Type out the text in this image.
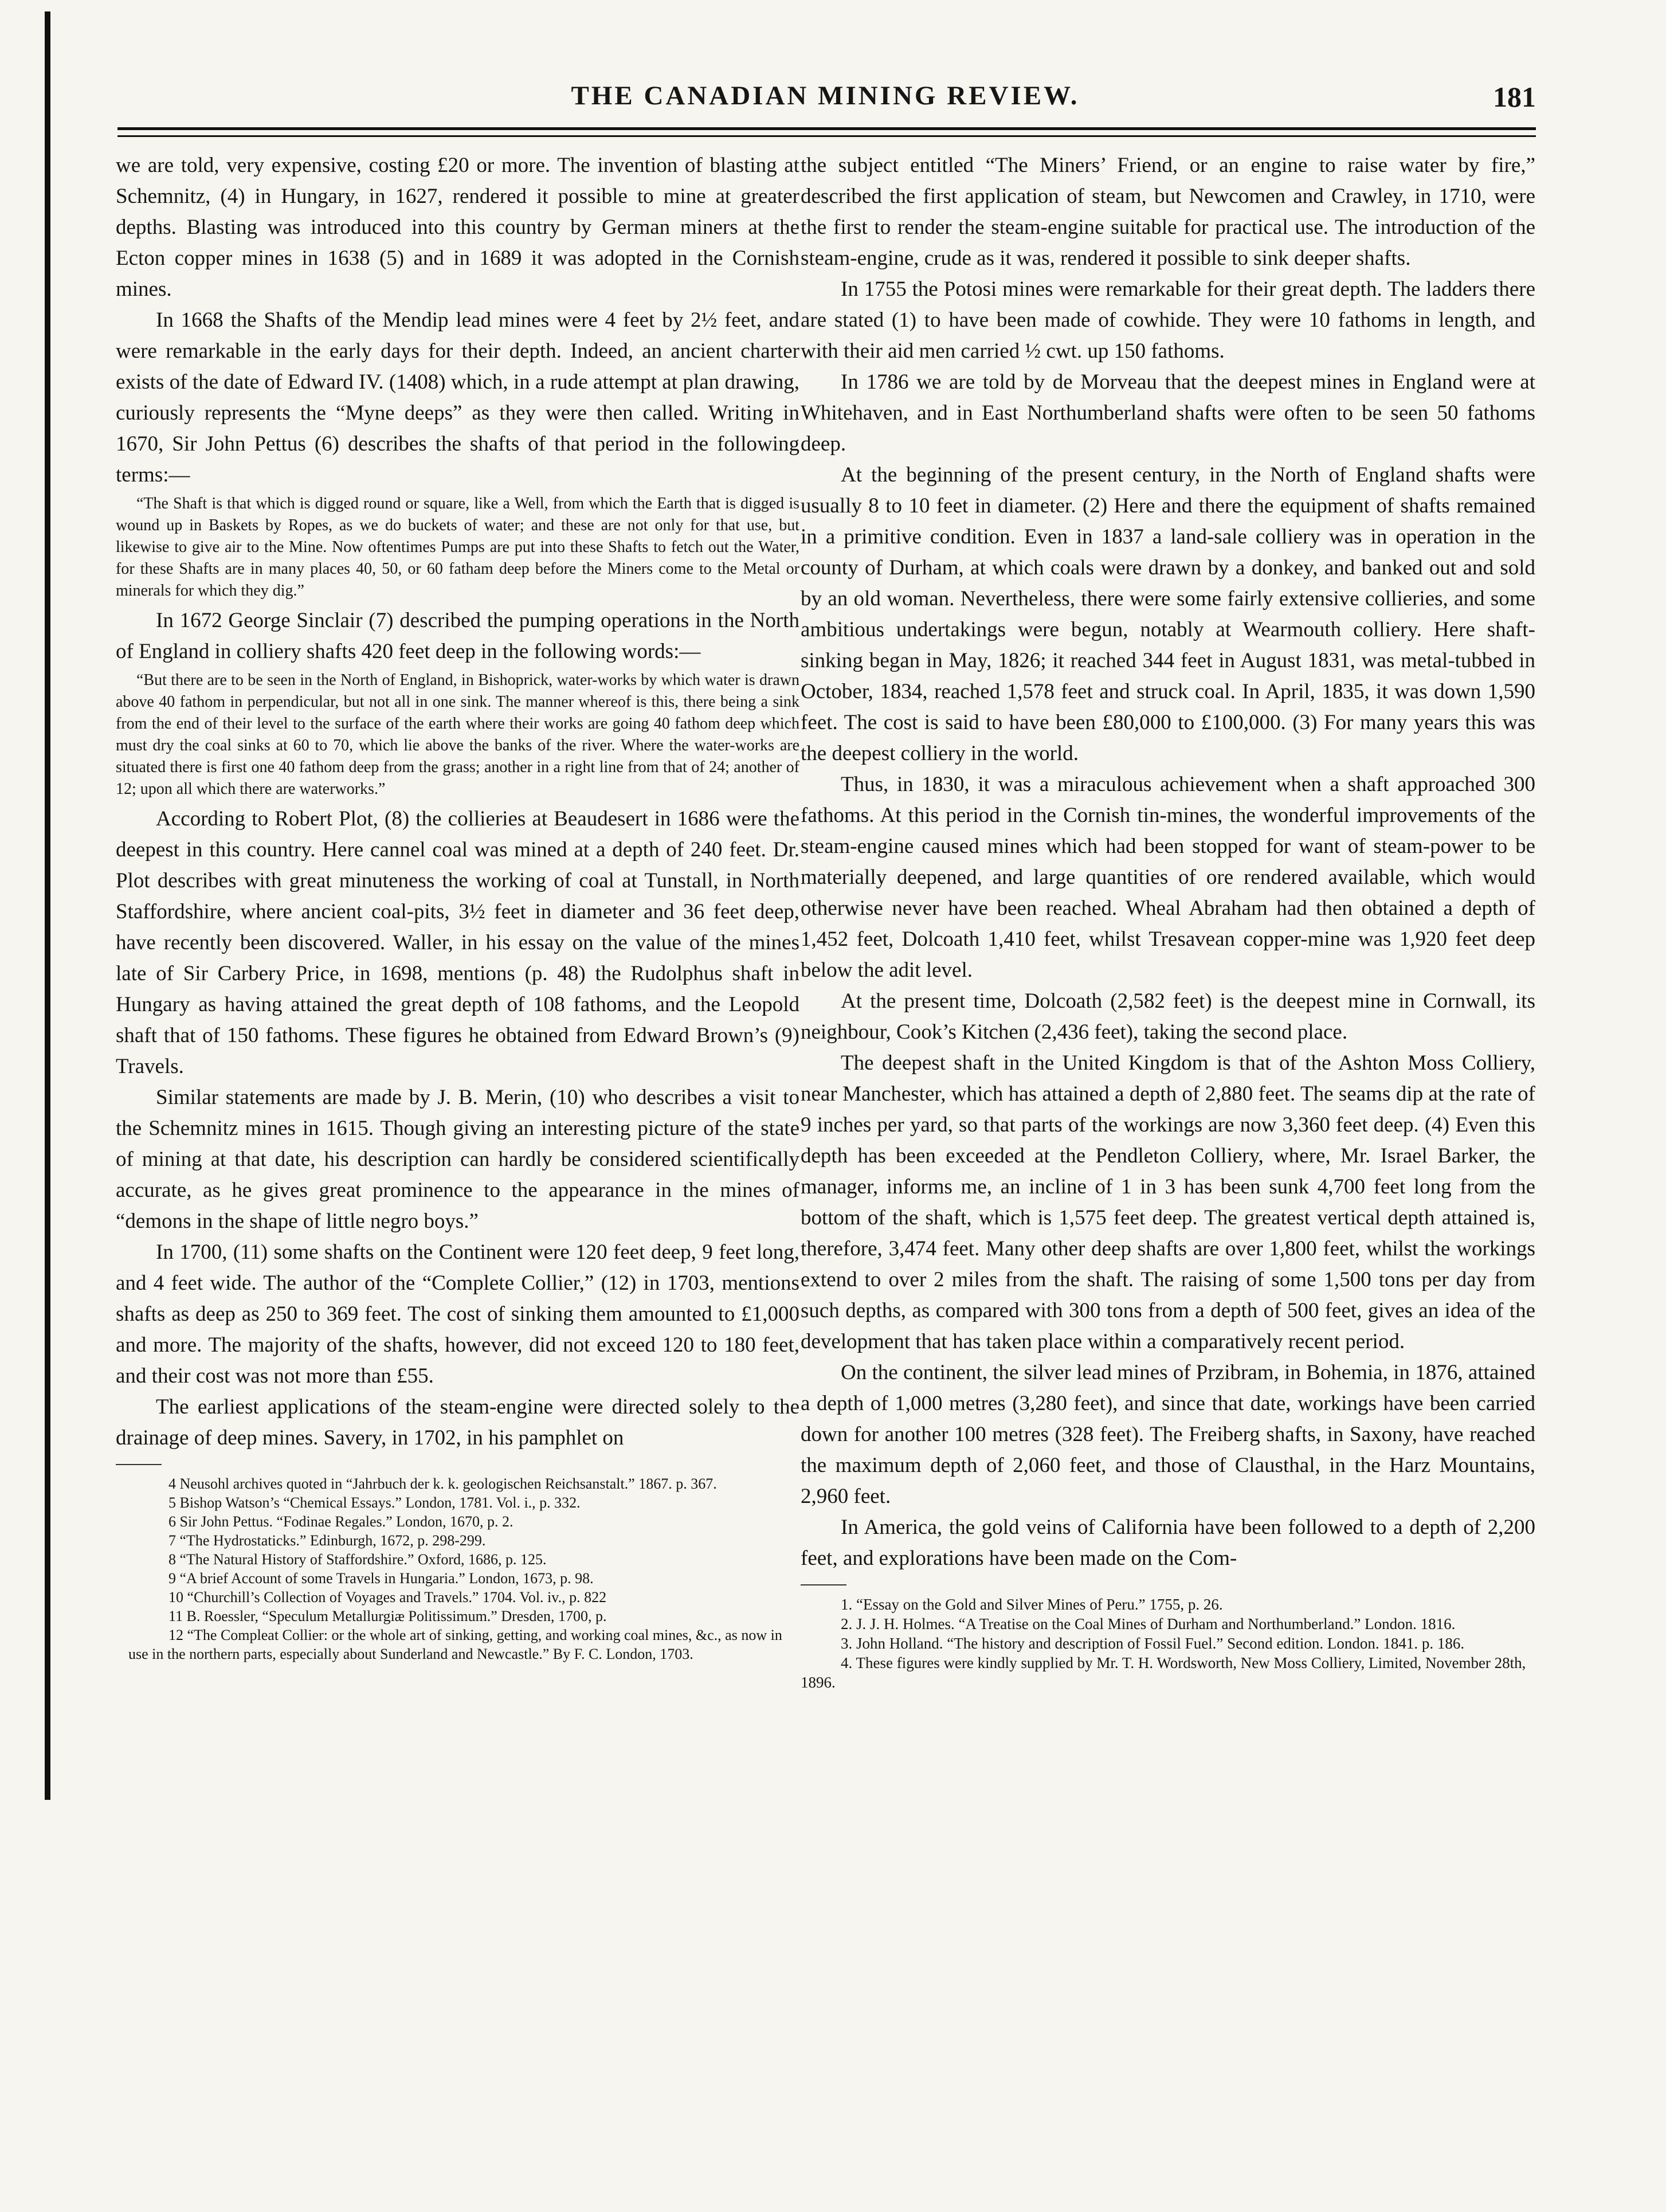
THE CANADIAN MINING REVIEW.	181

we are told, very expensive, costing £20 or more. The invention of blasting at Schemnitz, (4) in Hungary, in 1627, rendered it possible to mine at greater depths. Blasting was introduced into this country by German miners at the Ecton copper mines in 1638 (5) and in 1689 it was adopted in the Cornish mines.

In 1668 the Shafts of the Mendip lead mines were 4 feet by 2½ feet, and were remarkable in the early days for their depth. Indeed, an ancient charter exists of the date of Edward IV. (1408) which, in a rude attempt at plan drawing, curiously represents the “Myne deeps” as they were then called. Writing in 1670, Sir John Pettus (6) describes the shafts of that period in the following terms:—

“The Shaft is that which is digged round or square, like a Well, from which the Earth that is digged is wound up in Baskets by Ropes, as we do buckets of water; and these are not only for that use, but likewise to give air to the Mine. Now oftentimes Pumps are put into these Shafts to fetch out the Water, for these Shafts are in many places 40, 50, or 60 fatham deep before the Miners come to the Metal or minerals for which they dig.”

In 1672 George Sinclair (7) described the pumping operations in the North of England in colliery shafts 420 feet deep in the following words:—

“But there are to be seen in the North of England, in Bishoprick, water-works by which water is drawn above 40 fathom in perpendicular, but not all in one sink. The manner whereof is this, there being a sink from the end of their level to the surface of the earth where their works are going 40 fathom deep which must dry the coal sinks at 60 to 70, which lie above the banks of the river. Where the water-works are situated there is first one 40 fathom deep from the grass; another in a right line from that of 24; another of 12; upon all which there are waterworks.”

According to Robert Plot, (8) the collieries at Beaudesert in 1686 were the deepest in this country. Here cannel coal was mined at a depth of 240 feet. Dr. Plot describes with great minuteness the working of coal at Tunstall, in North Staffordshire, where ancient coal-pits, 3½ feet in diameter and 36 feet deep, have recently been discovered. Waller, in his essay on the value of the mines late of Sir Carbery Price, in 1698, mentions (p. 48) the Rudolphus shaft in Hungary as having attained the great depth of 108 fathoms, and the Leopold shaft that of 150 fathoms. These figures he obtained from Edward Brown’s (9) Travels.

Similar statements are made by J. B. Merin, (10) who describes a visit to the Schemnitz mines in 1615. Though giving an interesting picture of the state of mining at that date, his description can hardly be considered scientifically accurate, as he gives great prominence to the appearance in the mines of “demons in the shape of little negro boys.”

In 1700, (11) some shafts on the Continent were 120 feet deep, 9 feet long, and 4 feet wide. The author of the “Complete Collier,” (12) in 1703, mentions shafts as deep as 250 to 369 feet. The cost of sinking them amounted to £1,000 and more. The majority of the shafts, however, did not exceed 120 to 180 feet, and their cost was not more than £55.

The earliest applications of the steam-engine were directed solely to the drainage of deep mines. Savery, in 1702, in his pamphlet on

4 Neusohl archives quoted in “Jahrbuch der k. k. geologischen Reichsanstalt.” 1867. p. 367.

5 Bishop Watson’s “Chemical Essays.” London, 1781. Vol. i., p. 332.

6 Sir John Pettus. “Fodinae Regales.” London, 1670, p. 2.

7 “The Hydrostaticks.” Edinburgh, 1672, p. 298-299.

8 “The Natural History of Staffordshire.” Oxford, 1686, p. 125.

9 “A brief Account of some Travels in Hungaria.” London, 1673, p. 98.

10 “Churchill’s Collection of Voyages and Travels.” 1704. Vol. iv., p. 822

11 B. Roessler, “Speculum Metallurgiæ Politissimum.” Dresden, 1700, p.

12 “The Compleat Collier: or the whole art of sinking, getting, and working coal mines, &c., as now in use in the northern parts, especially about Sunderland and Newcastle.” By F. C. London, 1703.

the subject entitled “The Miners’ Friend, or an engine to raise water by fire,” described the first application of steam, but Newcomen and Crawley, in 1710, were the first to render the steam-engine suitable for practical use. The introduction of the steam-engine, crude as it was, rendered it possible to sink deeper shafts.

In 1755 the Potosi mines were remarkable for their great depth. The ladders there are stated (1) to have been made of cowhide. They were 10 fathoms in length, and with their aid men carried ½ cwt. up 150 fathoms.

In 1786 we are told by de Morveau that the deepest mines in England were at Whitehaven, and in East Northumberland shafts were often to be seen 50 fathoms deep.

At the beginning of the present century, in the North of England shafts were usually 8 to 10 feet in diameter. (2) Here and there the equipment of shafts remained in a primitive condition. Even in 1837 a land-sale colliery was in operation in the county of Durham, at which coals were drawn by a donkey, and banked out and sold by an old woman. Nevertheless, there were some fairly extensive collieries, and some ambitious undertakings were begun, notably at Wearmouth colliery. Here shaft-sinking began in May, 1826; it reached 344 feet in August 1831, was metal-tubbed in October, 1834, reached 1,578 feet and struck coal. In April, 1835, it was down 1,590 feet. The cost is said to have been £80,000 to £100,000. (3) For many years this was the deepest colliery in the world.

Thus, in 1830, it was a miraculous achievement when a shaft approached 300 fathoms. At this period in the Cornish tin-mines, the wonderful improvements of the steam-engine caused mines which had been stopped for want of steam-power to be materially deepened, and large quantities of ore rendered available, which would otherwise never have been reached. Wheal Abraham had then obtained a depth of 1,452 feet, Dolcoath 1,410 feet, whilst Tresavean copper-mine was 1,920 feet deep below the adit level.

At the present time, Dolcoath (2,582 feet) is the deepest mine in Cornwall, its neighbour, Cook’s Kitchen (2,436 feet), taking the second place.

The deepest shaft in the United Kingdom is that of the Ashton Moss Colliery, near Manchester, which has attained a depth of 2,880 feet. The seams dip at the rate of 9 inches per yard, so that parts of the workings are now 3,360 feet deep. (4) Even this depth has been exceeded at the Pendleton Colliery, where, Mr. Israel Barker, the manager, informs me, an incline of 1 in 3 has been sunk 4,700 feet long from the bottom of the shaft, which is 1,575 feet deep. The greatest vertical depth attained is, therefore, 3,474 feet. Many other deep shafts are over 1,800 feet, whilst the workings extend to over 2 miles from the shaft. The raising of some 1,500 tons per day from such depths, as compared with 300 tons from a depth of 500 feet, gives an idea of the development that has taken place within a comparatively recent period.

On the continent, the silver lead mines of Przibram, in Bohemia, in 1876, attained a depth of 1,000 metres (3,280 feet), and since that date, workings have been carried down for another 100 metres (328 feet). The Freiberg shafts, in Saxony, have reached the maximum depth of 2,060 feet, and those of Clausthal, in the Harz Mountains, 2,960 feet.

In America, the gold veins of California have been followed to a depth of 2,200 feet, and explorations have been made on the Com-

1. “Essay on the Gold and Silver Mines of Peru.” 1755, p. 26.

2. J. J. H. Holmes. “A Treatise on the Coal Mines of Durham and Northumberland.” London. 1816.

3. John Holland. “The history and description of Fossil Fuel.” Second edition. London. 1841. p. 186.

4. These figures were kindly supplied by Mr. T. H. Wordsworth, New Moss Colliery, Limited, November 28th, 1896.
